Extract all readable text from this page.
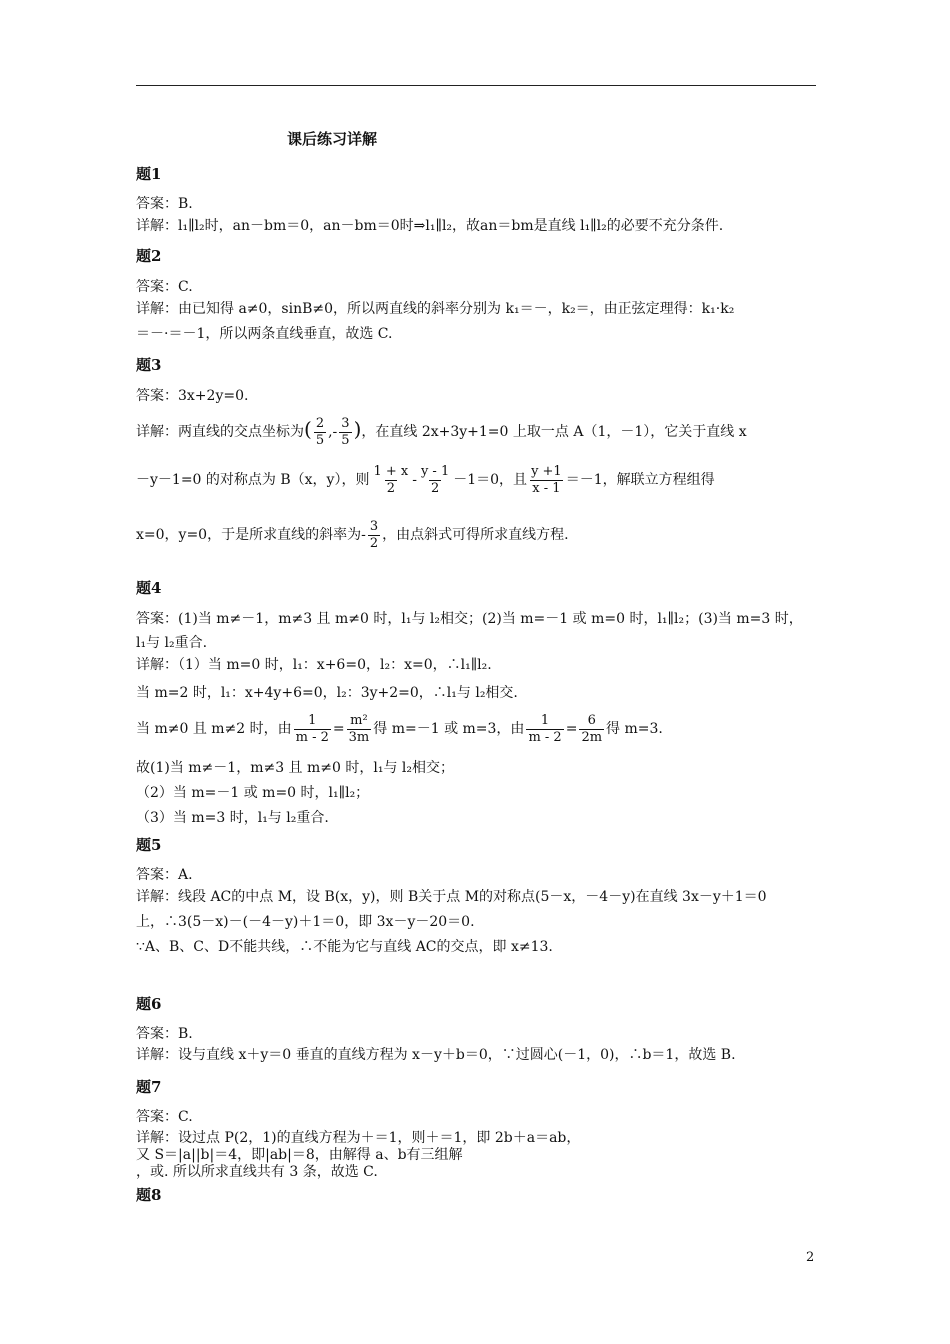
课后练习详解
题1
答案：B.
详解：l₁∥l₂时，an－bm＝0，an－bm＝0时⇒l₁∥l₂，故an＝bm是直线 l₁∥l₂的必要不充分条件.
题2
答案：C.
详解：由已知得 a≠0，sinB≠0，所以两直线的斜率分别为 k₁＝－，k₂＝，由正弦定理得：k₁·k₂
＝－·＝－1，所以两条直线垂直，故选 C.
题3
答案：3x+2y=0.
详解：两直线的交点坐标为( $\frac{2}{5}$ ,- $\frac{3}{5}$ )，在直线 2x+3y+1=0 上取一点 A（1，－1），它关于直线 x
－y－1=0 的对称点为 B（x，y），则 $\frac{1 + x}{2} - \frac{y - 1}{2} -1=0$，且 $\frac{y +1}{x - 1} =-1$，解联立方程组得
x=0，y=0，于是所求直线的斜率为- $\frac{3}{2}$ ，由点斜式可得所求直线方程.
题4
答案：(1)当 m≠－1，m≠3 且 m≠0 时，l₁与 l₂相交；(2)当 m=－1 或 m=0 时，l₁∥l₂；(3)当 m=3 时，
l₁与 l₂重合.
详解：（1）当 m=0 时，l₁：x+6=0，l₂：x=0，∴l₁∥l₂.
当 m=2 时，l₁：x+4y+6=0，l₂：3y+2=0，∴l₁与 l₂相交.
当 m≠0 且 m≠2 时，由 $\frac{1}{m - 2} = \frac{\text{m²}}{3m}$ 得 m=－1 或 m=3，由 $\frac{1}{m - 2} = \frac{6}{2m}$ 得 m=3.
故(1)当 m≠－1，m≠3 且 m≠0 时，l₁与 l₂相交；
（2）当 m=－1 或 m=0 时，l₁∥l₂；
（3）当 m=3 时，l₁与 l₂重合.
题5
答案：A.
详解：线段 AC的中点 M，设 B(x，y)，则 B关于点 M的对称点(5－x，－4－y)在直线 3x－y＋1＝0
上，∴3(5－x)－(－4－y)＋1＝0，即 3x－y－20＝0.
∵A、B、C、D不能共线，∴不能为它与直线 AC的交点，即 x≠13.
题6
答案：B.
详解：设与直线 x＋y＝0 垂直的直线方程为 x－y＋b＝0，∵过圆心(－1，0)，∴b＝1，故选 B.
题7
答案：C.
详解：设过点 P(2，1)的直线方程为＋＝1，则＋＝1，即 2b＋a＝ab，
又 S＝|a||b|＝4，即|ab|＝8，由解得 a、b有三组解
，或. 所以所求直线共有 3 条，故选 C.
题8
2
